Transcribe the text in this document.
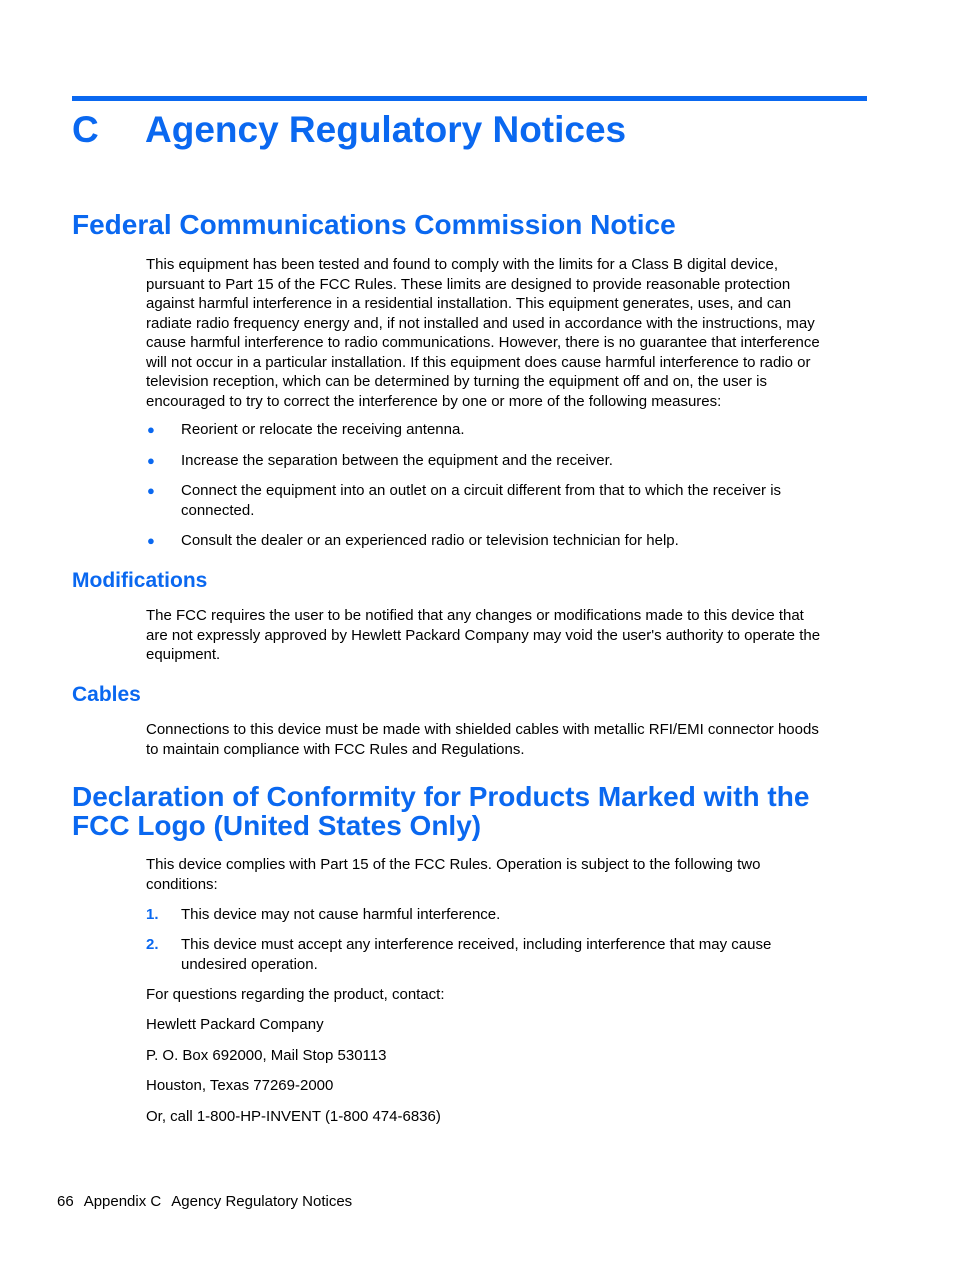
C Agency Regulatory Notices
Federal Communications Commission Notice

This equipment has been tested and found to comply with the limits for a Class B digital device,
pursuant to Part 15 of the FCC Rules. These limits are designed to provide reasonable protection
against harmful interference in a residential installation. This equipment generates, uses, and can
radiate radio frequency energy and, if not installed and used in accordance with the instructions, may
cause harmful interference to radio communications. However, there is no guarantee that interference
will not occur in a particular installation. If this equipment does cause harmful interference to radio or
television reception, which can be determined by turning the equipment off and on, the user is
encouraged to try to correct the interference by one or more of the following measures:

● Reorient or relocate the receiving antenna.
● Increase the separation between the equipment and the receiver.
● Connect the equipment into an outlet on a circuit different from that to which the receiver is
connected.
● Consult the dealer or an experienced radio or television technician for help.
Modifications

The FCC requires the user to be notified that any changes or modifications made to this device that
are not expressly approved by Hewlett Packard Company may void the user's authority to operate the
equipment.

Cables

Connections to this device must be made with shielded cables with metallic RFI/EMI connector hoods
to maintain compliance with FCC Rules and Regulations.

Declaration of Conformity for Products Marked with the
FCC Logo (United States Only)

This device complies with Part 15 of the FCC Rules. Operation is subject to the following two
conditions:

1. This device may not cause harmful interference.
2. This device must accept any interference received, including interference that may cause
undesired operation.

For questions regarding the product, contact:

Hewlett Packard Company

P. O. Box 692000, Mail Stop 530113

Houston, Texas 77269-2000

Or, call 1-800-HP-INVENT (1-800 474-6836)

66 Appendix C Agency Regulatory Notices
